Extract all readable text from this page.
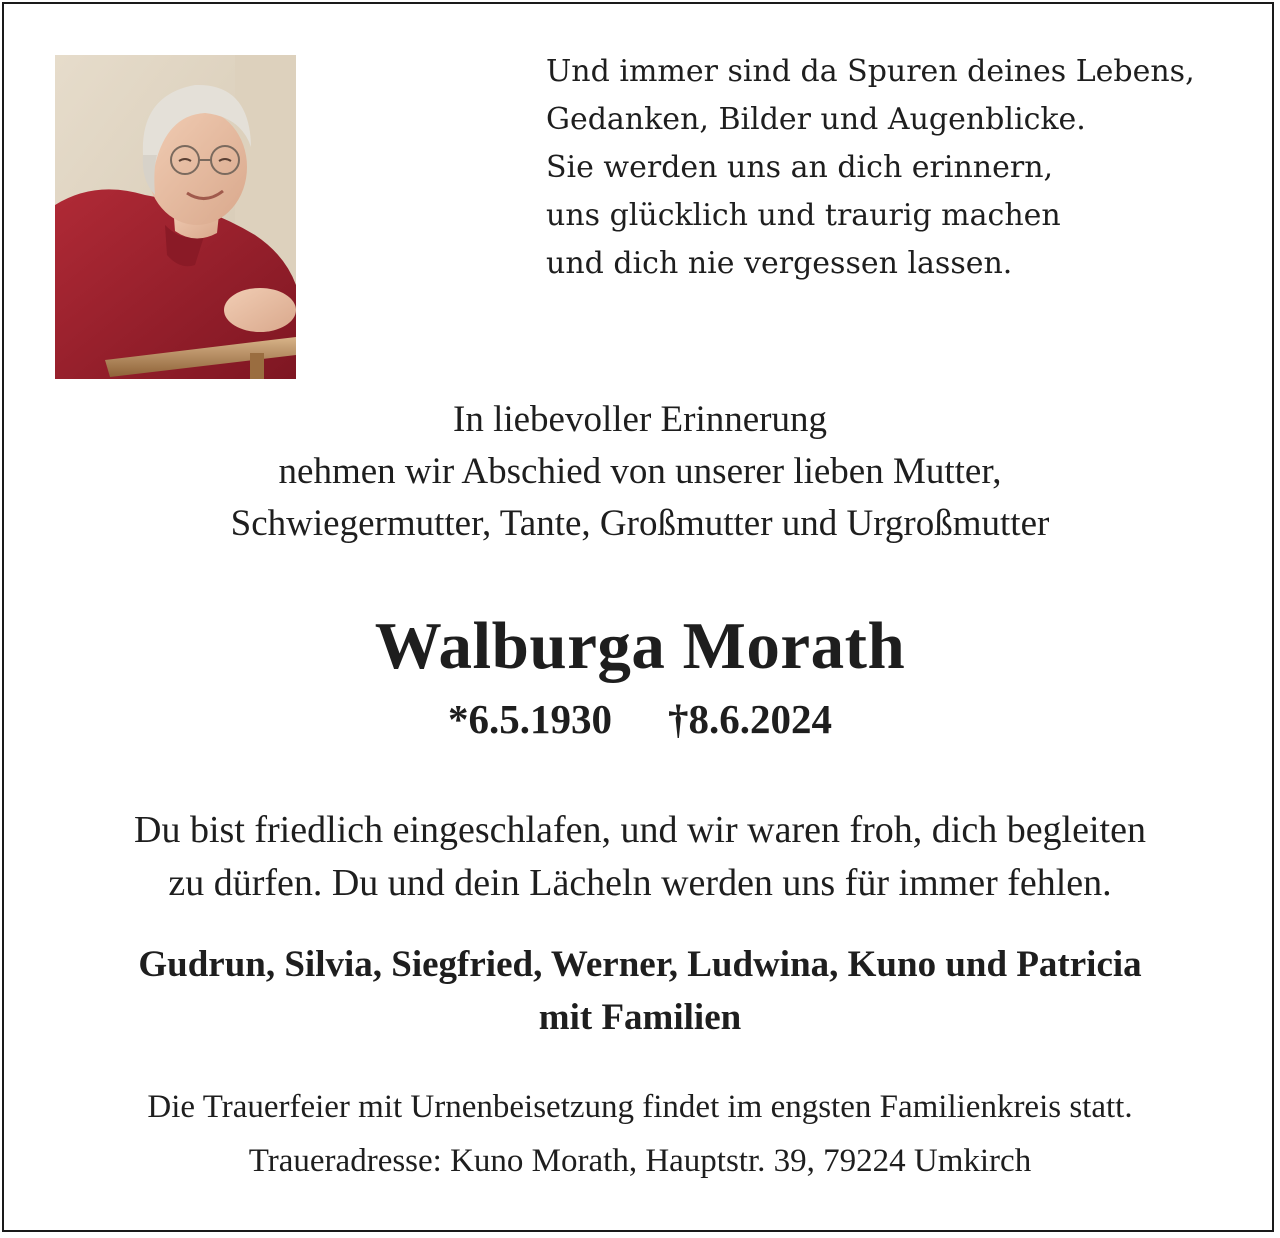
Und immer sind da Spuren deines Lebens,
Gedanken, Bilder und Augenblicke.
Sie werden uns an dich erinnern,
uns glücklich und traurig machen
und dich nie vergessen lassen.
In liebevoller Erinnerung
nehmen wir Abschied von unserer lieben Mutter,
Schwiegermutter, Tante, Großmutter und Urgroßmutter
Walburga Morath
*6.5.1930 †8.6.2024
Du bist friedlich eingeschlafen, und wir waren froh, dich begleiten
zu dürfen. Du und dein Lächeln werden uns für immer fehlen.
Gudrun, Silvia, Siegfried, Werner, Ludwina, Kuno und Patricia
mit Familien
Die Trauerfeier mit Urnenbeisetzung findet im engsten Familienkreis statt.
Traueradresse: Kuno Morath, Hauptstr. 39, 79224 Umkirch
